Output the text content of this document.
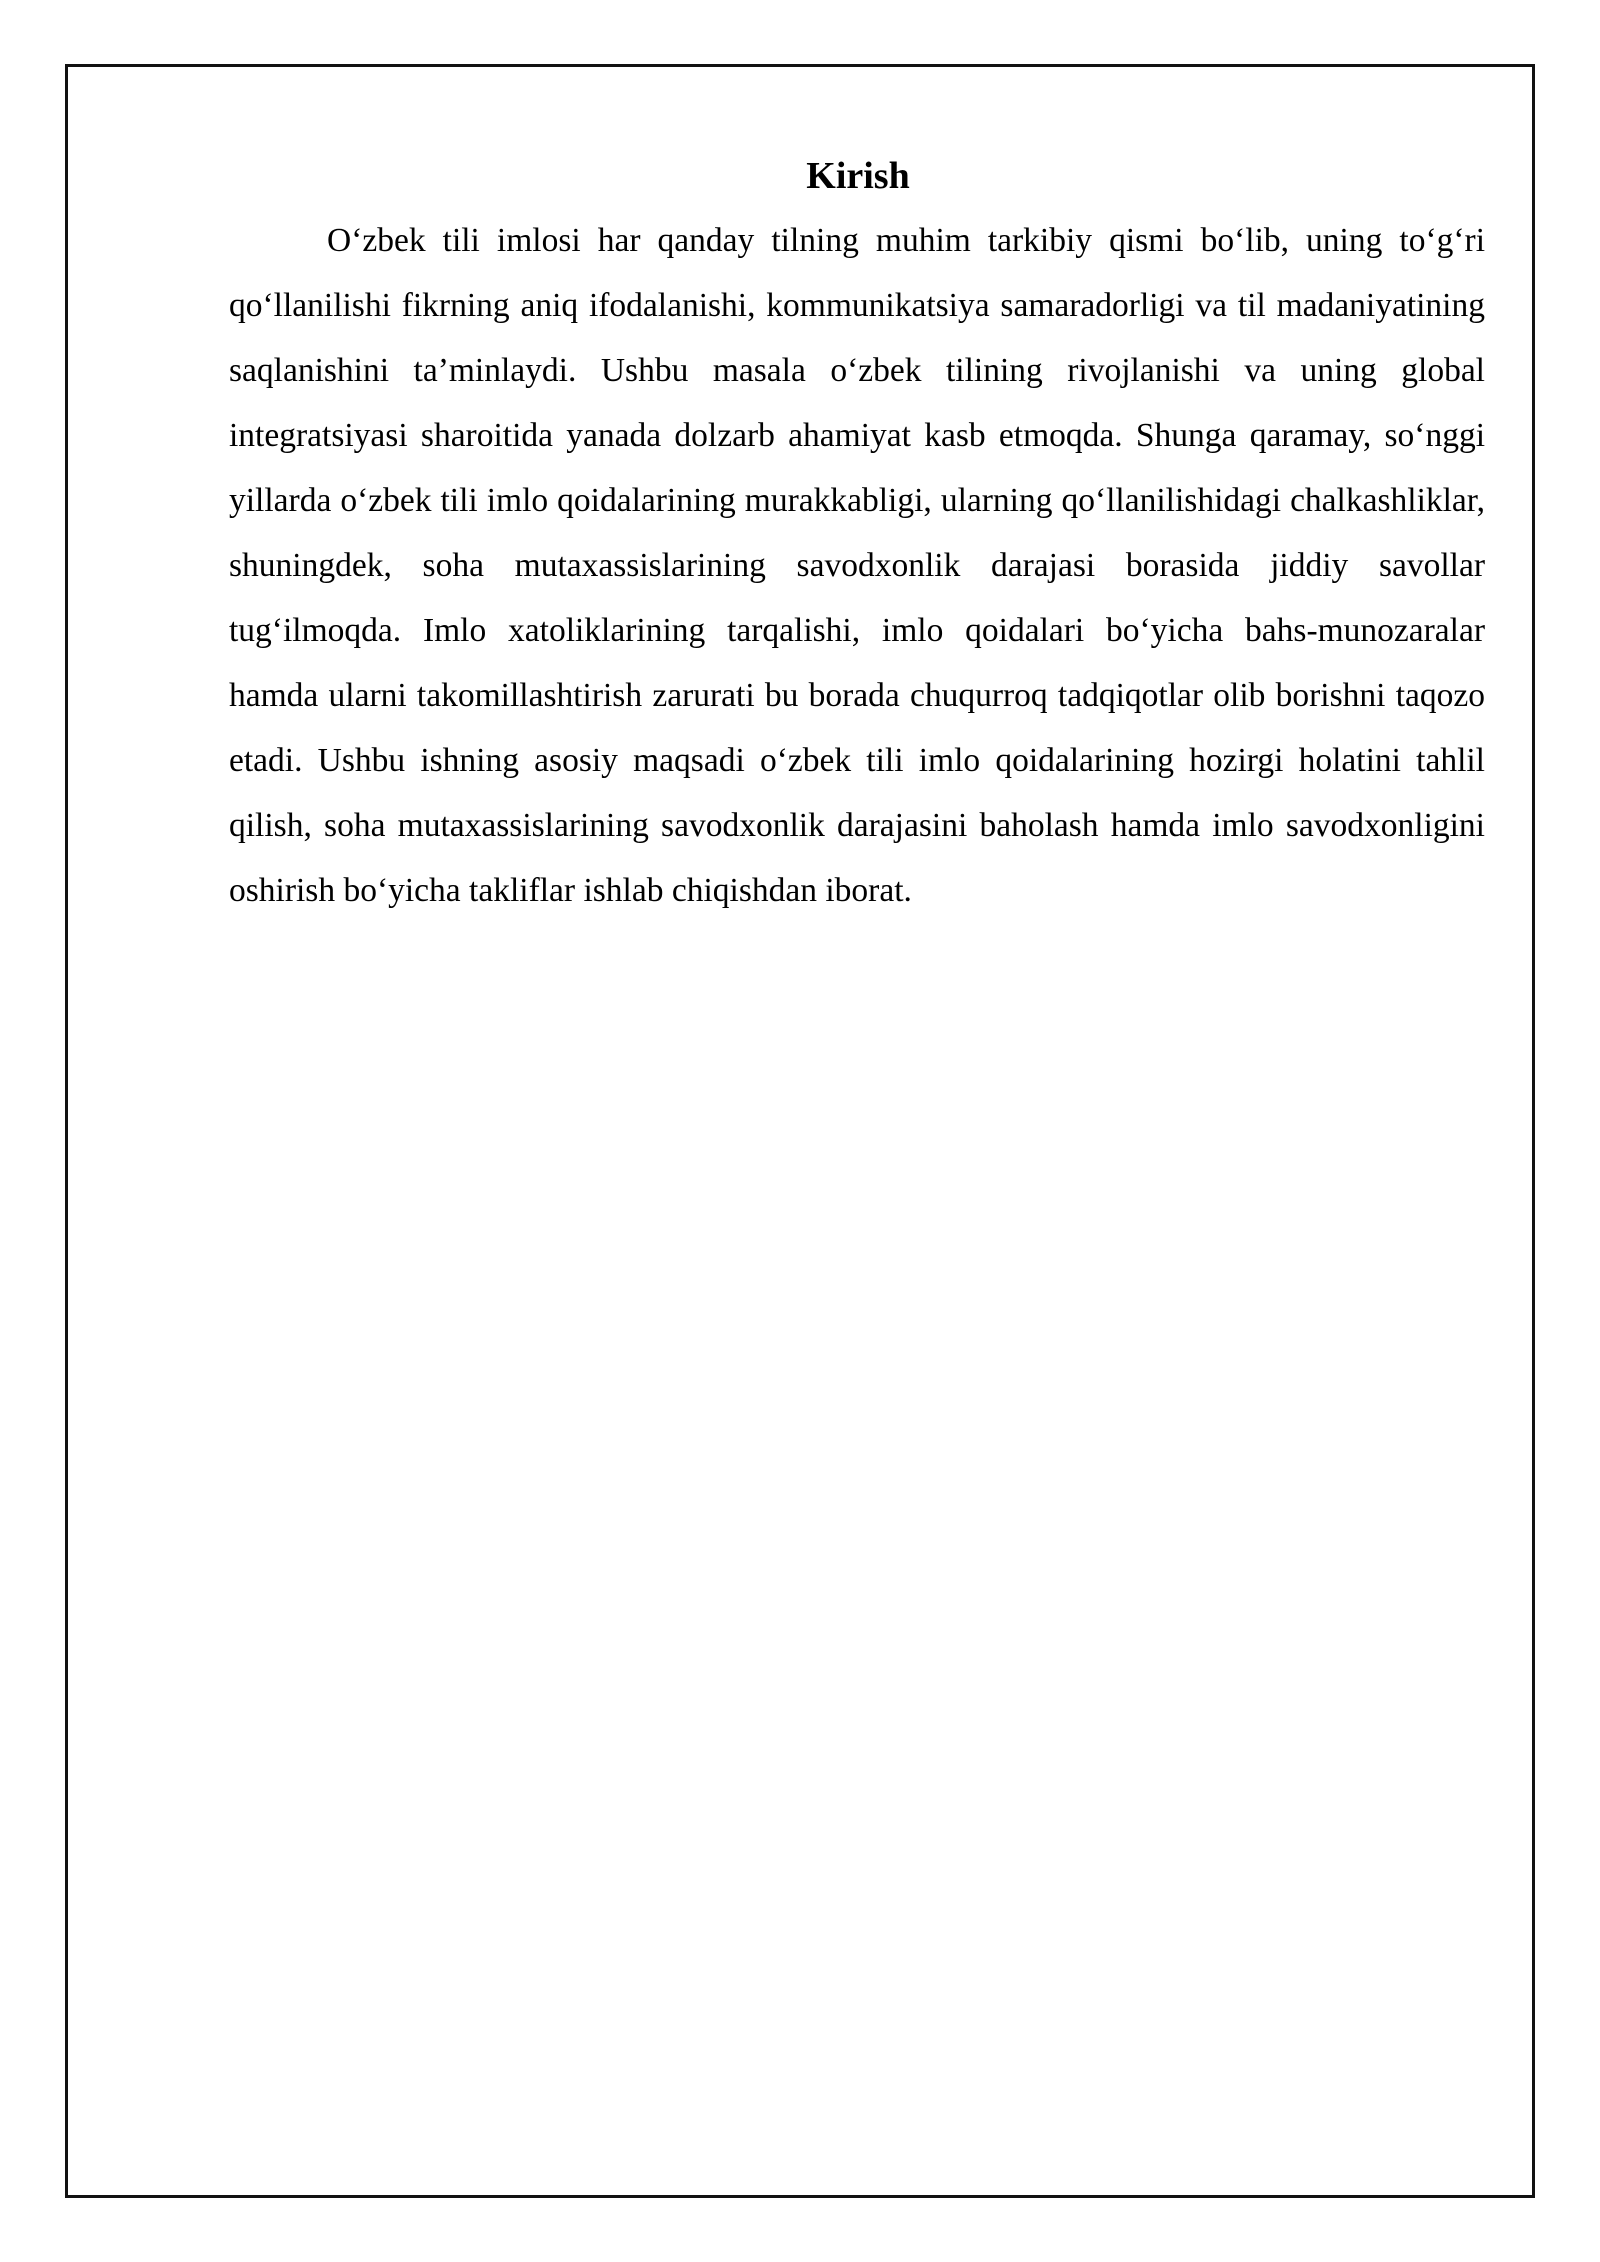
Kirish

O‘zbek tili imlosi har qanday tilning muhim tarkibiy qismi bo‘lib, uning to‘g‘ri qo‘llanilishi fikrning aniq ifodalanishi, kommunikatsiya samaradorligi va til madaniyatining saqlanishini ta’minlaydi. Ushbu masala o‘zbek tilining rivojlanishi va uning global integratsiyasi sharoitida yanada dolzarb ahamiyat kasb etmoqda. Shunga qaramay, so‘nggi yillarda o‘zbek tili imlo qoidalarining murakkabligi, ularning qo‘llanilishidagi chalkashliklar, shuningdek, soha mutaxassislarining savodxonlik darajasi borasida jiddiy savollar tug‘ilmoqda. Imlo xatoliklarining tarqalishi, imlo qoidalari bo‘yicha bahs-munozaralar hamda ularni takomillashtirish zarurati bu borada chuqurroq tadqiqotlar olib borishni taqozo etadi. Ushbu ishning asosiy maqsadi o‘zbek tili imlo qoidalarining hozirgi holatini tahlil qilish, soha mutaxassislarining savodxonlik darajasini baholash hamda imlo savodxonligini oshirish bo‘yicha takliflar ishlab chiqishdan iborat.
